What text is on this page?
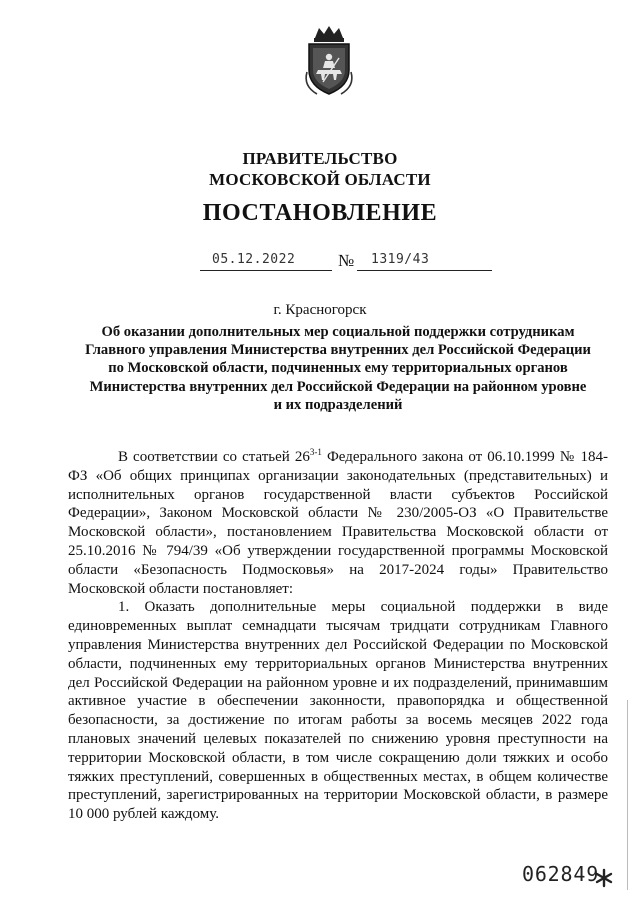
ПРАВИТЕЛЬСТВО
МОСКОВСКОЙ ОБЛАСТИ
ПОСТАНОВЛЕНИЕ
05.12.2022	№	1319/43
г. Красногорск
Об оказании дополнительных мер социальной поддержки сотрудникам
Главного управления Министерства внутренних дел Российской Федерации
по Московской области, подчиненных ему территориальных органов
Министерства внутренних дел Российской Федерации на районном уровне
и их подразделений

В соответствии со статьей 26$^{3-1}$ Федерального закона от 06.10.1999 № 184-ФЗ «Об общих принципах организации законодательных (представительных) и исполнительных органов государственной власти субъектов Российской Федерации», Законом Московской области № 230/2005-ОЗ «О Правительстве Московской области», постановлением Правительства Московской области от 25.10.2016 № 794/39 «Об утверждении государственной программы Московской области «Безопасность Подмосковья» на 2017-2024 годы» Правительство Московской области постановляет:

1. Оказать дополнительные меры социальной поддержки в виде единовременных выплат семнадцати тысячам тридцати сотрудникам Главного управления Министерства внутренних дел Российской Федерации по Московской области, подчиненных ему территориальных органов Министерства внутренних дел Российской Федерации на районном уровне и их подразделений, принимавшим активное участие в обеспечении законности, правопорядка и общественной безопасности, за достижение по итогам работы за восемь месяцев 2022 года плановых значений целевых показателей по снижению уровня преступности на территории Московской области, в том числе сокращению доли тяжких и особо тяжких преступлений, совершенных в общественных местах, в общем количестве преступлений, зарегистрированных на территории Московской области, в размере 10 000 рублей каждому.

062849
